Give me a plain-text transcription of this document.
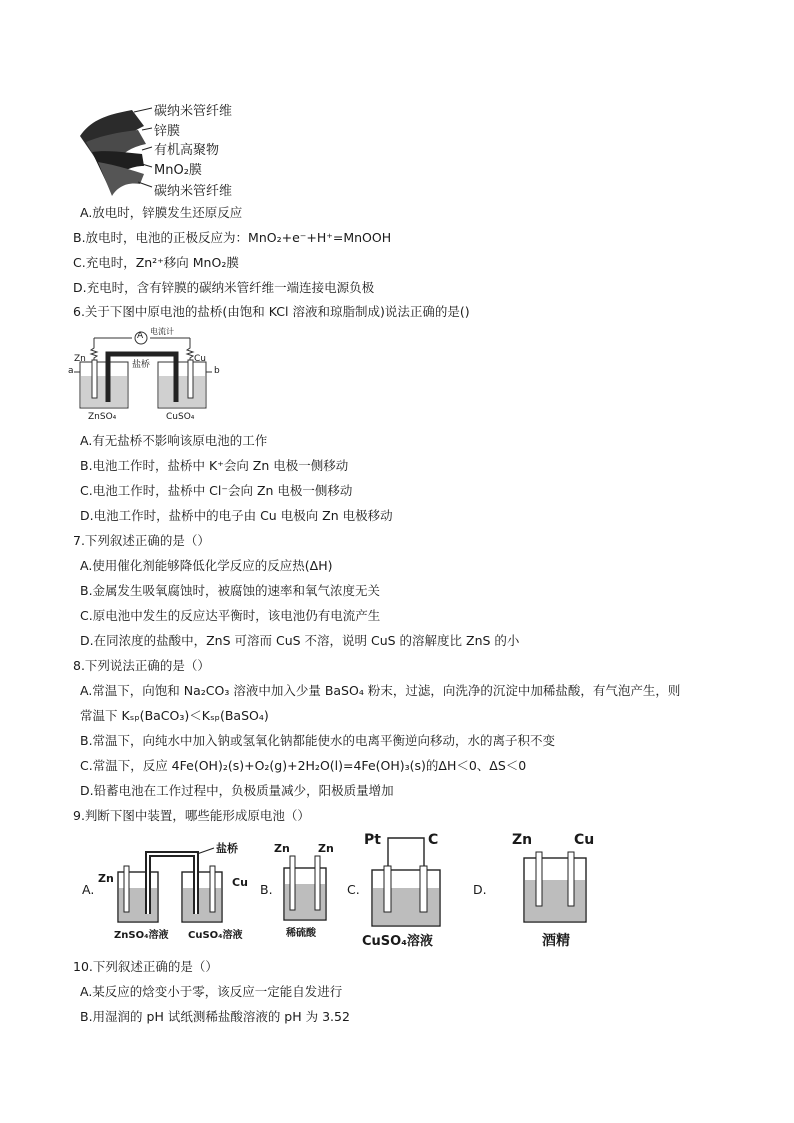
碳纳米管纤维
锌膜
有机高聚物
MnO₂膜
碳纳米管纤维
A.放电时，锌膜发生还原反应
B.放电时，电池的正极反应为：MnO₂+e⁻+H⁺=MnOOH
C.充电时，Zn²⁺移向 MnO₂膜
D.充电时，含有锌膜的碳纳米管纤维一端连接电源负极
6.关于下图中原电池的盐桥(由饱和 KCl 溶液和琼脂制成)说法正确的是()
A 电流计
盐桥
Zn	Cu
a	b
ZnSO₄	CuSO₄
A.有无盐桥不影响该原电池的工作
B.电池工作时，盐桥中 K⁺会向 Zn 电极一侧移动
C.电池工作时，盐桥中 Cl⁻会向 Zn 电极一侧移动
D.电池工作时，盐桥中的电子由 Cu 电极向 Zn 电极移动
7.下列叙述正确的是（）
A.使用催化剂能够降低化学反应的反应热(ΔH)
B.金属发生吸氧腐蚀时，被腐蚀的速率和氧气浓度无关
C.原电池中发生的反应达平衡时，该电池仍有电流产生
D.在同浓度的盐酸中，ZnS 可溶而 CuS 不溶，说明 CuS 的溶解度比 ZnS 的小
8.下列说法正确的是（）
A.常温下，向饱和 Na₂CO₃ 溶液中加入少量 BaSO₄ 粉末，过滤，向洗净的沉淀中加稀盐酸，有气泡产生，则
常温下 Kₛₚ(BaCO₃)＜Kₛₚ(BaSO₄)
B.常温下，向纯水中加入钠或氢氧化钠都能使水的电离平衡逆向移动，水的离子积不变
C.常温下，反应 4Fe(OH)₂(s)+O₂(g)+2H₂O(l)=4Fe(OH)₃(s)的ΔH＜0、ΔS＜0
D.铅蓄电池在工作过程中，负极质量减少，阳极质量增加
9.判断下图中装置，哪些能形成原电池（）
A.
盐桥
Zn	Cu
ZnSO₄溶液 CuSO₄溶液
B.
Zn	Zn
稀硫酸
C.
Pt	C
CuSO₄溶液
D.
Zn	Cu
酒精
10.下列叙述正确的是（）
A.某反应的焓变小于零，该反应一定能自发进行
B.用湿润的 pH 试纸测稀盐酸溶液的 pH 为 3.52
